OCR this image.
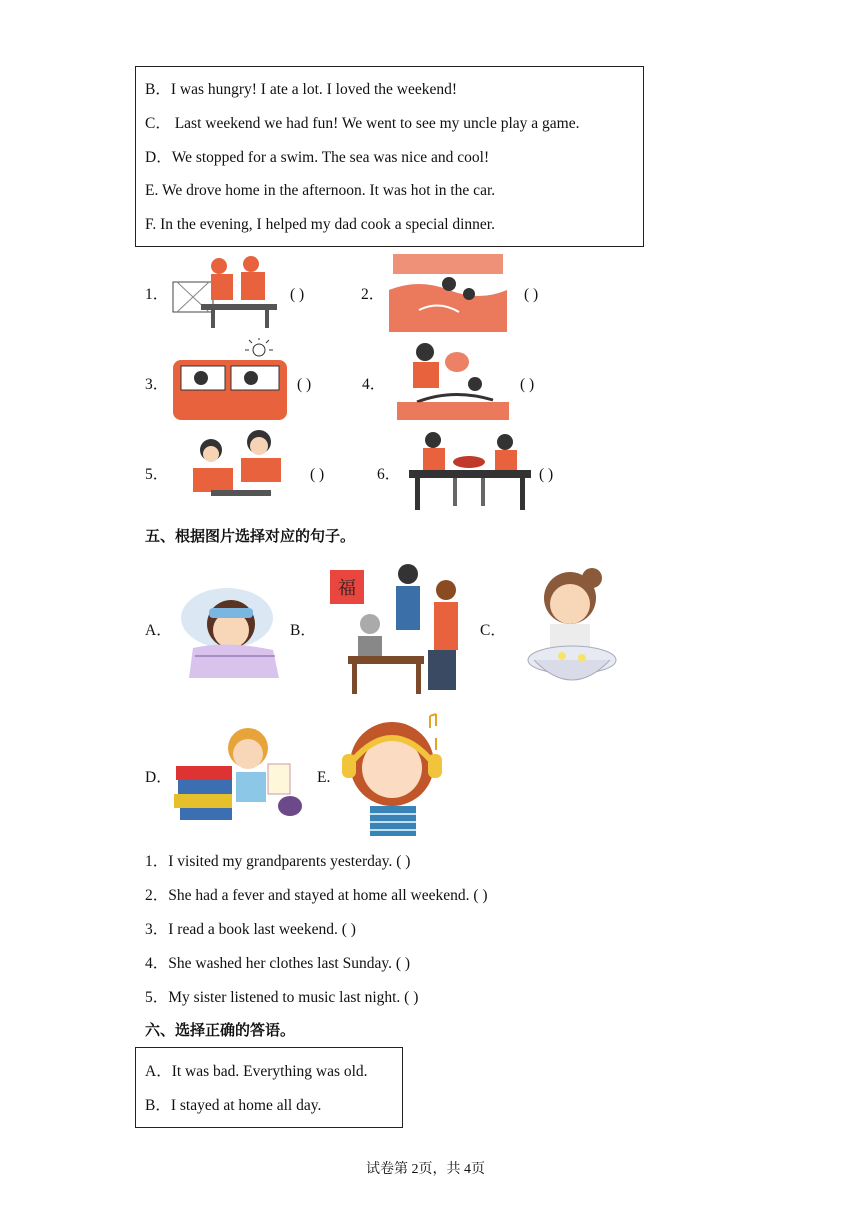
B．I was hungry! I ate a lot. I loved the weekend!
C． Last weekend we had fun! We went to see my uncle play a game.
D．We stopped for a swim. The sea was nice and cool!
E. We drove home in the afternoon. It was hot in the car.
F. In the evening, I helped my dad cook a special dinner.
1．	( )	2．	( )
3．	( )	4．	( )
5．	( )	6．	( )
五、根据图片选择对应的句子。
A．	B．
福
C．
D．	E.
1．I visited my grandparents yesterday. ( )
2．She had a fever and stayed at home all weekend. ( )
3．I read a book last weekend. ( )
4．She washed her clothes last Sunday. ( )
5．My sister listened to music last night. ( )
六、选择正确的答语。
A．It was bad. Everything was old.
B．I stayed at home all day.
试卷第 2页，共 4页
